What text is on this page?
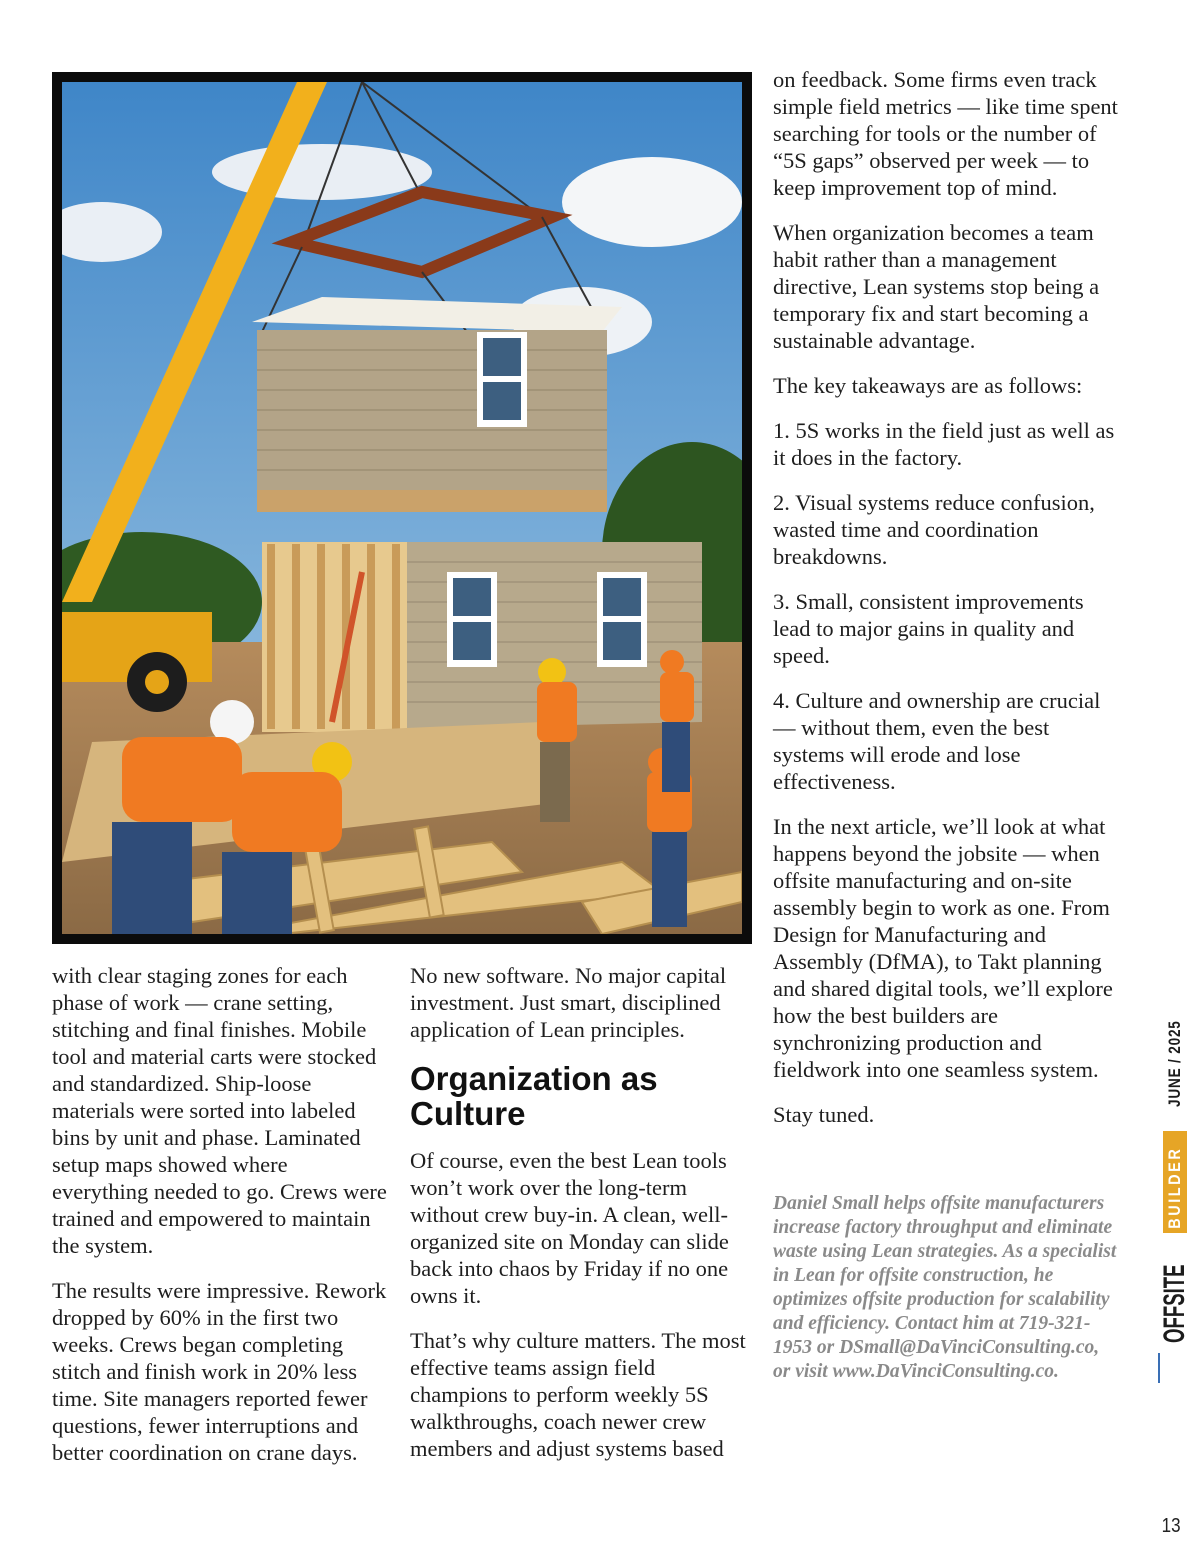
with clear staging zones for each phase of work — crane setting, stitching and final finishes. Mobile tool and material carts were stocked and standardized. Ship-loose materials were sorted into labeled bins by unit and phase. Laminated setup maps showed where everything needed to go. Crews were trained and empowered to maintain the system.

The results were impressive. Rework dropped by 60% in the first two weeks. Crews began completing stitch and finish work in 20% less time. Site managers reported fewer questions, fewer interruptions and better coordination on crane days.

No new software. No major capital investment. Just smart, disciplined application of Lean principles.

Organization as Culture

Of course, even the best Lean tools won’t work over the long-term without crew buy-in. A clean, well-organized site on Monday can slide back into chaos by Friday if no one owns it.

That’s why culture matters. The most effective teams assign field champions to perform weekly 5S walkthroughs, coach newer crew members and adjust systems based

on feedback. Some firms even track simple field metrics — like time spent searching for tools or the number of “5S gaps” observed per week — to keep improvement top of mind.

When organization becomes a team habit rather than a management directive, Lean systems stop being a temporary fix and start becoming a sustainable advantage.

The key takeaways are as follows:

1. 5S works in the field just as well as it does in the factory.

2. Visual systems reduce confusion, wasted time and coordination breakdowns.

3. Small, consistent improvements lead to major gains in quality and speed.

4. Culture and ownership are crucial — without them, even the best systems will erode and lose effectiveness.

In the next article, we’ll look at what happens beyond the jobsite — when offsite manufacturing and on-site assembly begin to work as one. From Design for Manufacturing and Assembly (DfMA), to Takt planning and shared digital tools, we’ll explore how the best builders are synchronizing production and fieldwork into one seamless system.

Stay tuned.

Daniel Small helps offsite manufacturers increase factory throughput and eliminate waste using Lean strategies. As a specialist in Lean for offsite construction, he optimizes offsite production for scalability and efficiency. Contact him at 719-321-1953 or DSmall@DaVinciConsulting.co, or visit www.DaVinciConsulting.co.

OFFSITE
BUILDER
JUNE / 2025
13
